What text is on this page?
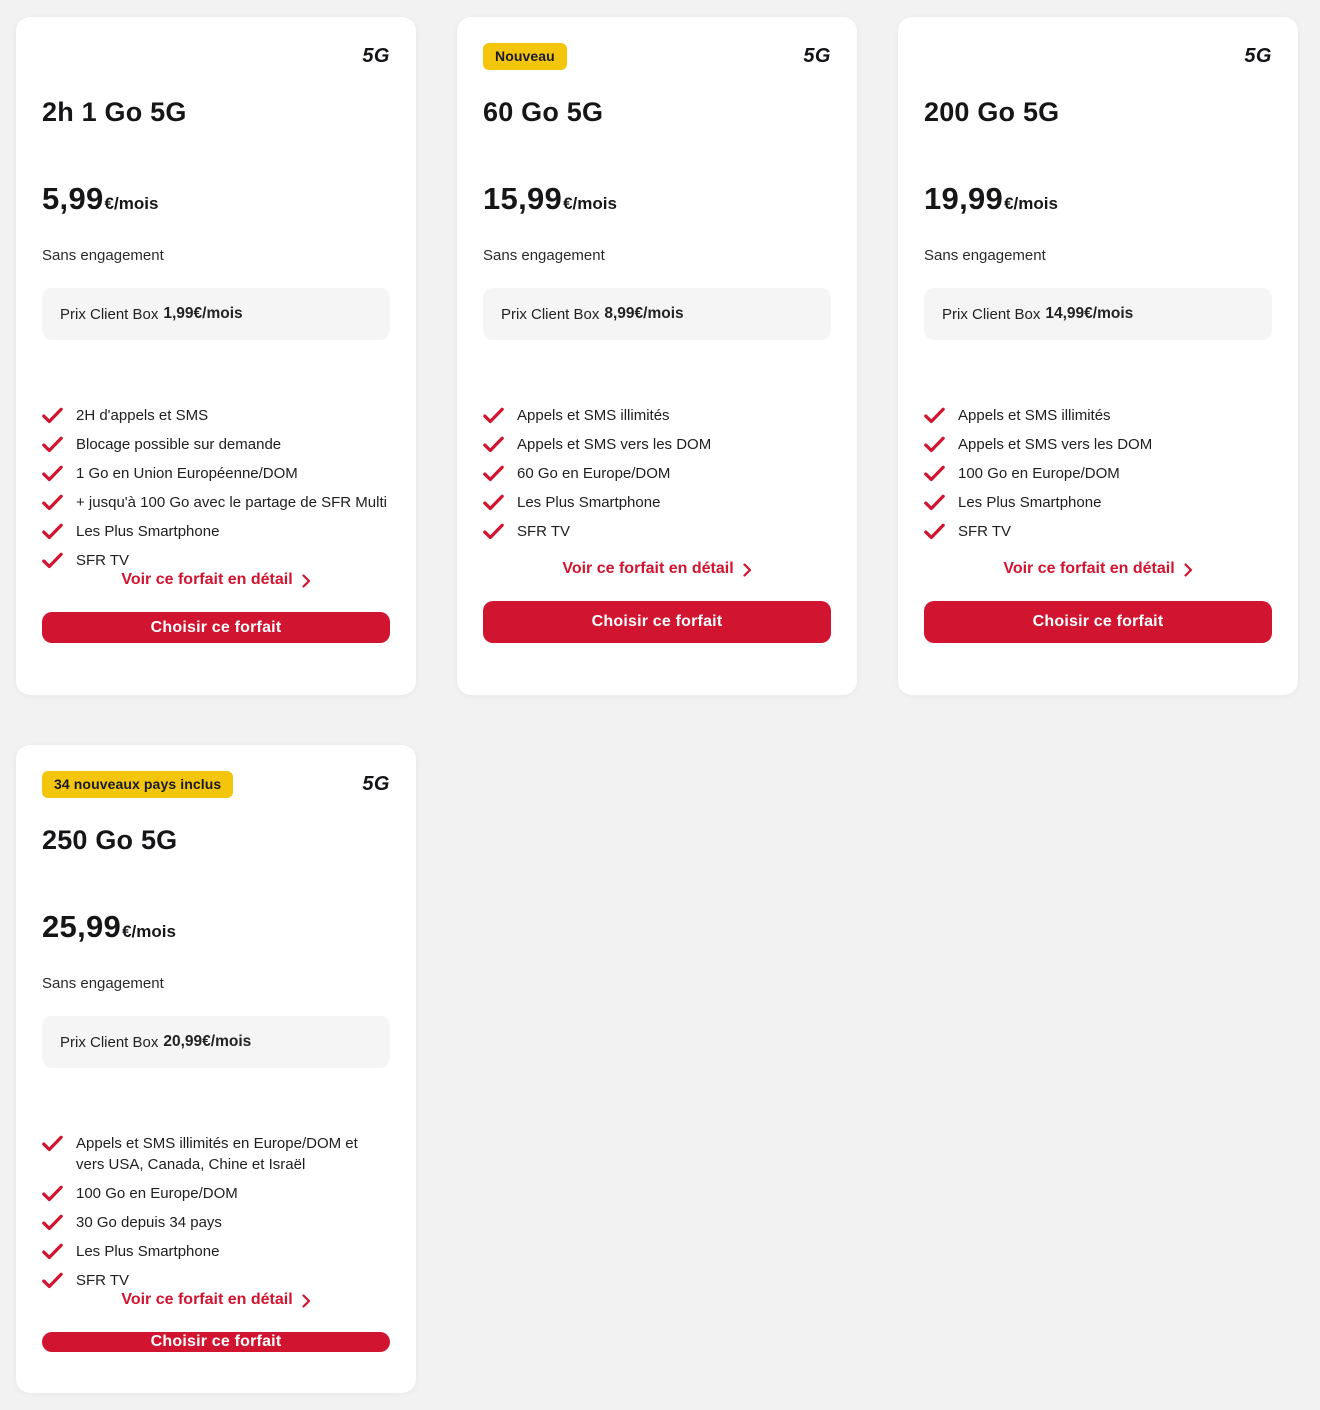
5G
2h 1 Go 5G
5,99 €/mois
Sans engagement
Prix Client Box 1,99€/mois
2H d'appels et SMS
Blocage possible sur demande
1 Go en Union Européenne/DOM
+ jusqu'à 100 Go avec le partage de SFR Multi
Les Plus Smartphone
SFR TV
Voir ce forfait en détail
Choisir ce forfait
Nouveau	5G
60 Go 5G
15,99 €/mois
Sans engagement
Prix Client Box 8,99€/mois
Appels et SMS illimités
Appels et SMS vers les DOM
60 Go en Europe/DOM
Les Plus Smartphone
SFR TV
Voir ce forfait en détail
Choisir ce forfait
5G
200 Go 5G
19,99 €/mois
Sans engagement
Prix Client Box 14,99€/mois
Appels et SMS illimités
Appels et SMS vers les DOM
100 Go en Europe/DOM
Les Plus Smartphone
SFR TV
Voir ce forfait en détail
Choisir ce forfait
34 nouveaux pays inclus	5G
250 Go 5G
25,99 €/mois
Sans engagement
Prix Client Box 20,99€/mois
Appels et SMS illimités en Europe/DOM et vers USA, Canada, Chine et Israël
100 Go en Europe/DOM
30 Go depuis 34 pays
Les Plus Smartphone
SFR TV
Voir ce forfait en détail
Choisir ce forfait
